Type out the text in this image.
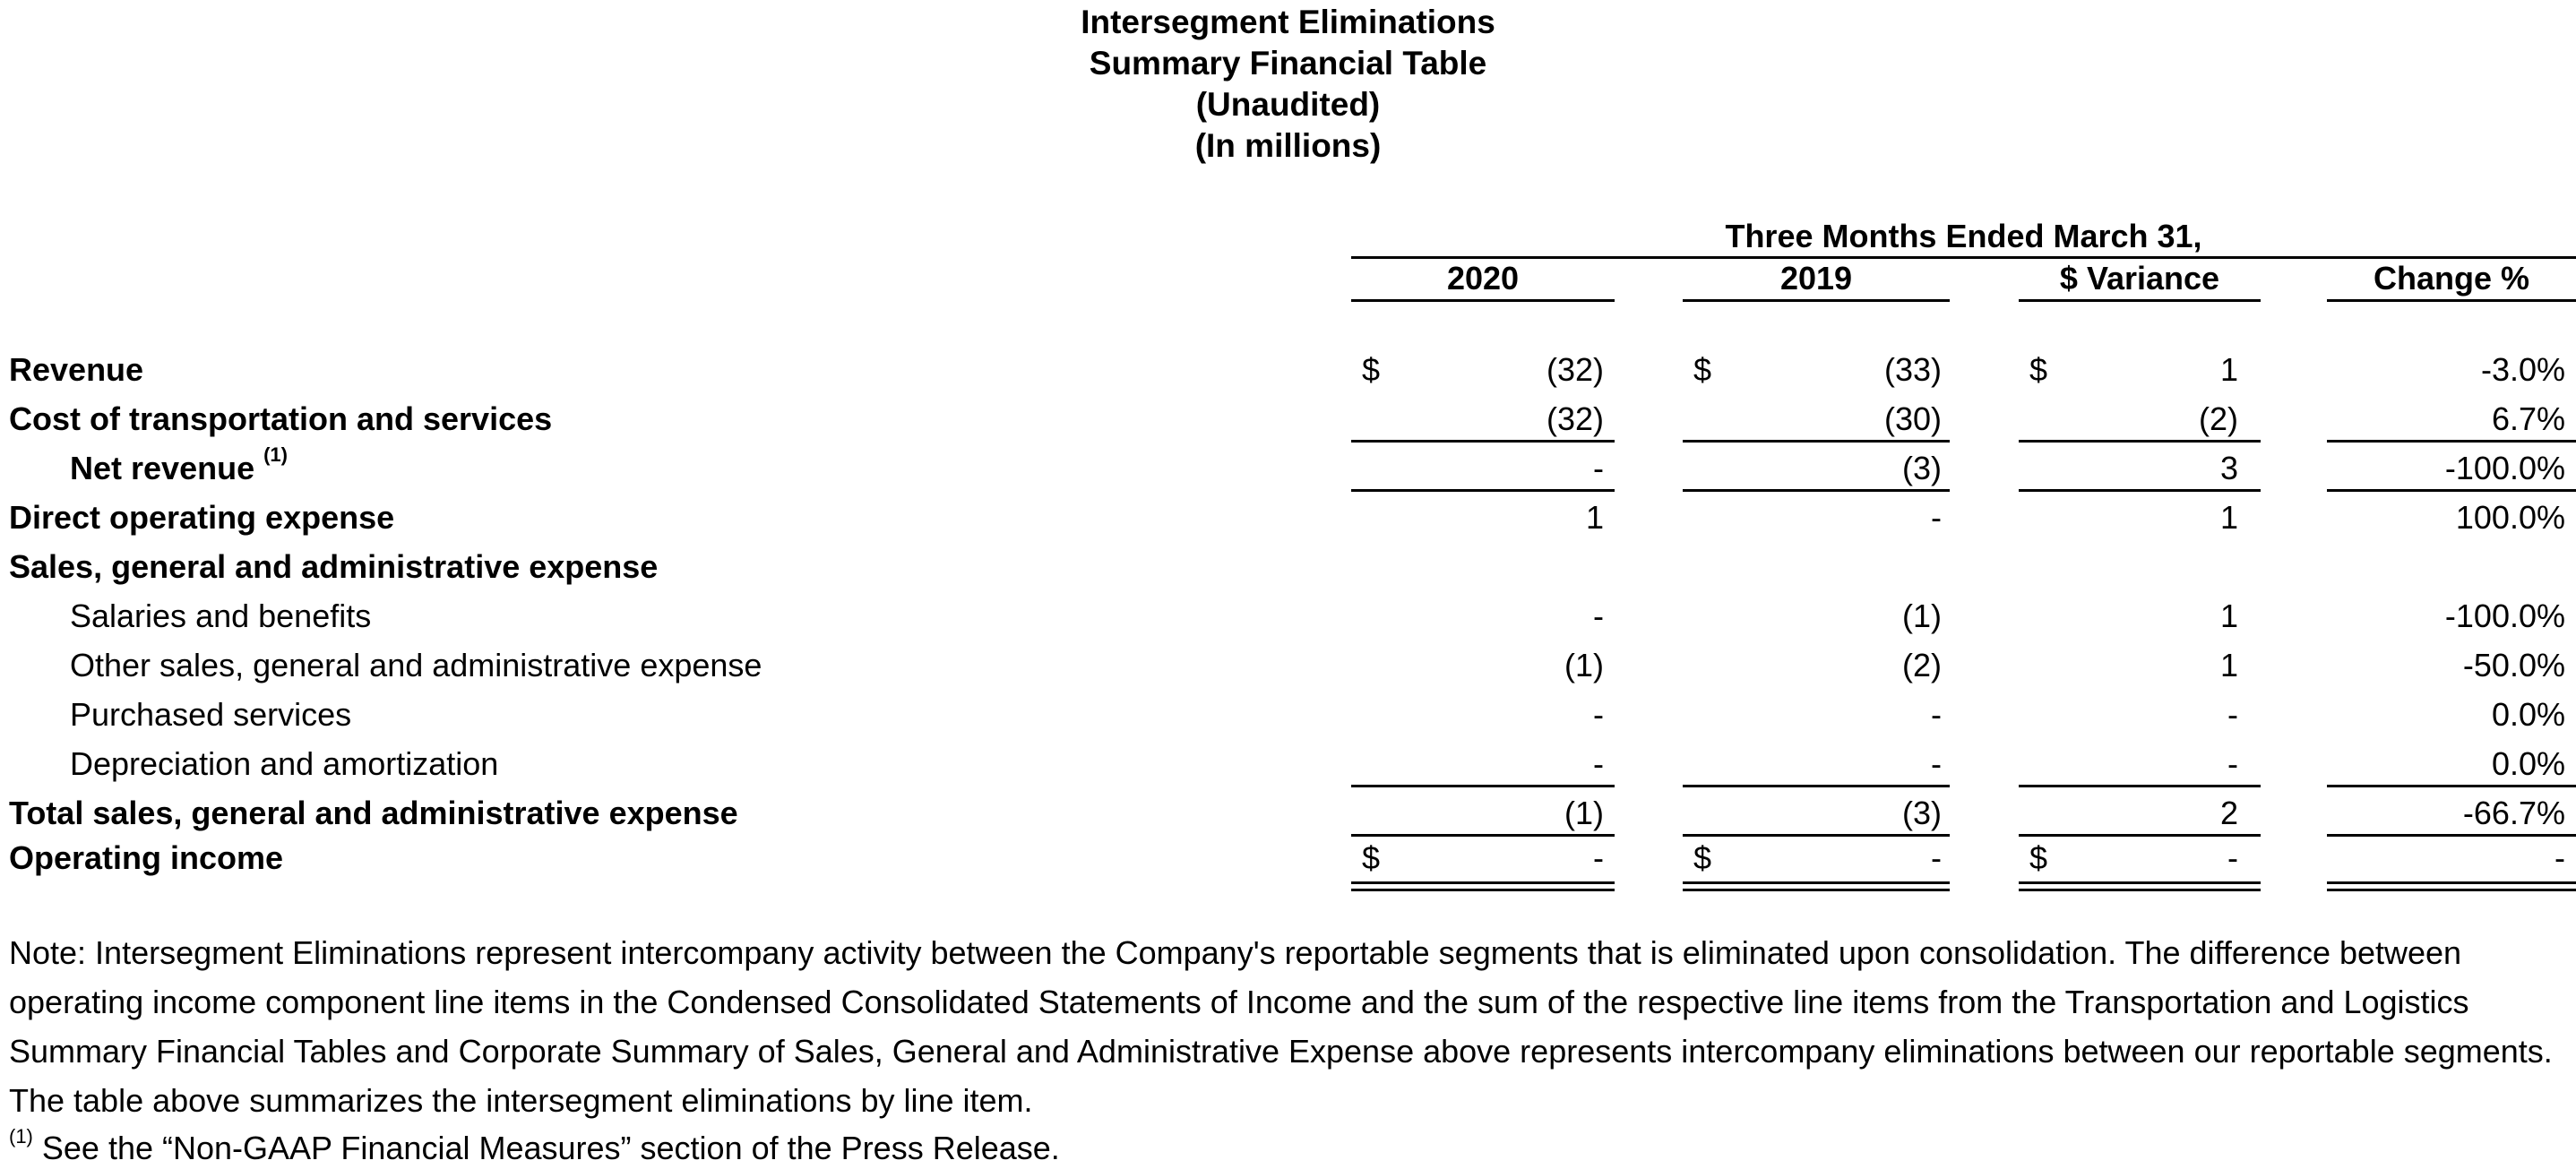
Intersegment Eliminations
Summary Financial Table
(Unaudited)
(In millions)
Three Months Ended March 31,
2020	2019	$ Variance	Change %
Revenue	$	(32)	$	(33)	$	1	-3.0%
Cost of transportation and services	(32)	(30)	(2)	6.7%
Net revenue $^{(1)}$	-	(3)	3	-100.0%
Direct operating expense	1	-	1	100.0%
Sales, general and administrative expense
Salaries and benefits	-	(1)	1	-100.0%
Other sales, general and administrative expense	(1)	(2)	1	-50.0%
Purchased services	-	-	-	0.0%
Depreciation and amortization	-	-	-	0.0%
Total sales, general and administrative expense	(1)	(3)	2	-66.7%
Operating income	$	-	$	-	$	-	-
Note: Intersegment Eliminations represent intercompany activity between the Company's reportable segments that is eliminated upon consolidation. The difference between operating income component line items in the Condensed Consolidated Statements of Income and the sum of the respective line items from the Transportation and Logistics Summary Financial Tables and Corporate Summary of Sales, General and Administrative Expense above represents intercompany eliminations between our reportable segments. The table above summarizes the intersegment eliminations by line item.
$^{(1)}$ See the “Non-GAAP Financial Measures” section of the Press Release.
